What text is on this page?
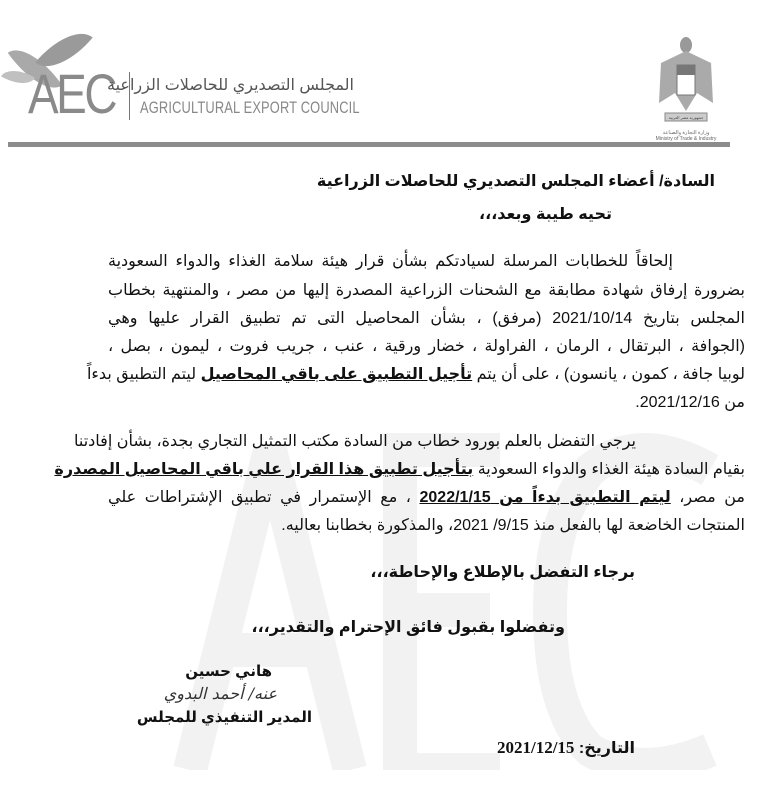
AEC
المجلس التصديري للحاصلات الزراعية
AGRICULTURAL EXPORT COUNCIL
جمهورية مصر العربية
وزارة التجارة والصناعة
Ministry of Trade & Industry
السادة/ أعضاء المجلس التصديري للحاصلات الزراعية
تحيه طيبة وبعد،،،
إلحاقاً للخطابات المرسلة لسيادتكم بشأن قرار هيئة سلامة الغذاء والدواء السعودية
بضرورة إرفاق شهادة مطابقة مع الشحنات الزراعية المصدرة إليها من مصر ، والمنتهية بخطاب
المجلس بتاريخ 2021/10/14 (مرفق) ، بشأن المحاصيل التى تم تطبيق القرار عليها وهي
(الجوافة ، البرتقال ، الرمان ، الفراولة ، خضار ورقية ، عنب ، جريب فروت ، ليمون ، بصل ،
لوبيا جافة ، كمون ، يانسون) ، على أن يتم تأجيل التطبيق على باقي المحاصيل ليتم التطبيق بدءاً
من 2021/12/16.
يرجي التفضل بالعلم بورود خطاب من السادة مكتب التمثيل التجاري بجدة، بشأن إفادتنا
بقيام السادة هيئة الغذاء والدواء السعودية بتأجيل تطبيق هذا القرار علي باقي المحاصيل المصدرة
من مصر، ليتم التطبيق بدءاً من 2022/1/15 ، مع الإستمرار في تطبيق الإشتراطات علي
المنتجات الخاضعة لها بالفعل منذ 9/15/ 2021، والمذكورة بخطابنا بعاليه.
برجاء التفضل بالإطلاع والإحاطة،،،
وتفضلوا بقبول فائق الإحترام والتقدير،،،
هاني حسين
عنه/ أحمد البدوي
المدير التنفيذي للمجلس
التاريخ: 2021/12/15
